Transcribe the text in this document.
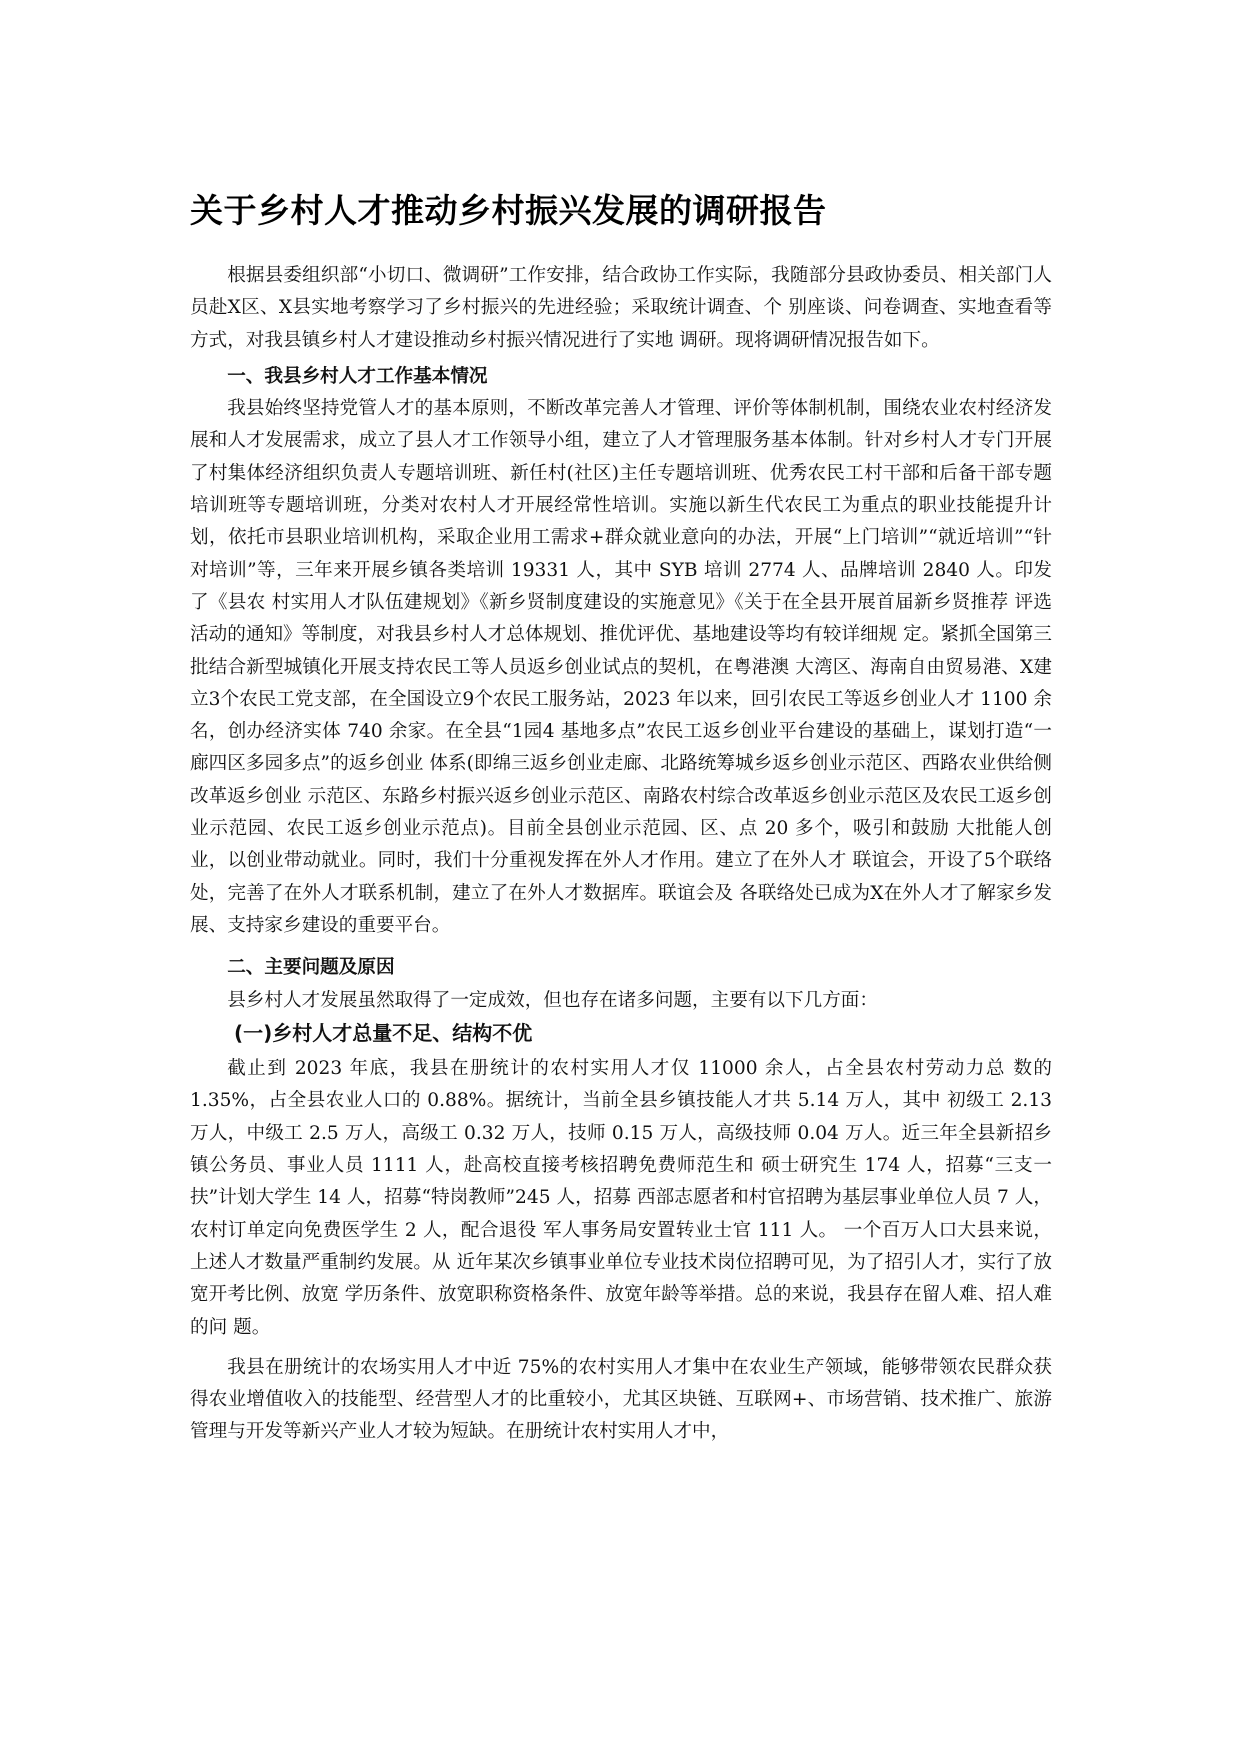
关于乡村人才推动乡村振兴发展的调研报告

根据县委组织部“小切口、微调研”工作安排，结合政协工作实际，我随部分县政协委员、相关部门人员赴X区、X县实地考察学习了乡村振兴的先进经验；采取统计调查、个 别座谈、问卷调查、实地查看等方式，对我县镇乡村人才建设推动乡村振兴情况进行了实地 调研。现将调研情况报告如下。

一、我县乡村人才工作基本情况

我县始终坚持党管人才的基本原则，不断改革完善人才管理、评价等体制机制，围绕农业农村经济发展和人才发展需求，成立了县人才工作领导小组，建立了人才管理服务基本体制。针对乡村人才专门开展了村集体经济组织负责人专题培训班、新任村(社区)主任专题培训班、优秀农民工村干部和后备干部专题培训班等专题培训班，分类对农村人才开展经常性培训。实施以新生代农民工为重点的职业技能提升计划，依托市县职业培训机构，采取企业用工需求+群众就业意向的办法，开展“上门培训”“就近培训”“针对培训”等，三年来开展乡镇各类培训 19331 人，其中 SYB 培训 2774 人、品牌培训 2840 人。印发了《县农 村实用人才队伍建规划》《新乡贤制度建设的实施意见》《关于在全县开展首届新乡贤推荐 评选活动的通知》等制度，对我县乡村人才总体规划、推优评优、基地建设等均有较详细规 定。紧抓全国第三批结合新型城镇化开展支持农民工等人员返乡创业试点的契机，在粤港澳 大湾区、海南自由贸易港、X建立3个农民工党支部，在全国设立9个农民工服务站，2023 年以来，回引农民工等返乡创业人才 1100 余名，创办经济实体 740 余家。在全县“1园4 基地多点”农民工返乡创业平台建设的基础上，谋划打造“一廊四区多园多点”的返乡创业 体系(即绵三返乡创业走廊、北路统筹城乡返乡创业示范区、西路农业供给侧改革返乡创业 示范区、东路乡村振兴返乡创业示范区、南路农村综合改革返乡创业示范区及农民工返乡创 业示范园、农民工返乡创业示范点)。目前全县创业示范园、区、点 20 多个，吸引和鼓励 大批能人创业，以创业带动就业。同时，我们十分重视发挥在外人才作用。建立了在外人才 联谊会，开设了5个联络处，完善了在外人才联系机制，建立了在外人才数据库。联谊会及 各联络处已成为X在外人才了解家乡发展、支持家乡建设的重要平台。

二、主要问题及原因

县乡村人才发展虽然取得了一定成效，但也存在诸多问题，主要有以下几方面：

(一)乡村人才总量不足、结构不优

截止到 2023 年底，我县在册统计的农村实用人才仅 11000 余人，占全县农村劳动力总 数的 1.35%，占全县农业人口的 0.88%。据统计，当前全县乡镇技能人才共 5.14 万人，其中 初级工 2.13 万人，中级工 2.5 万人，高级工 0.32 万人，技师 0.15 万人，高级技师 0.04 万人。近三年全县新招乡镇公务员、事业人员 1111 人，赴高校直接考核招聘免费师范生和 硕士研究生 174 人，招募“三支一扶”计划大学生 14 人，招募“特岗教师”245 人，招募 西部志愿者和村官招聘为基层事业单位人员 7 人，农村订单定向免费医学生 2 人，配合退役 军人事务局安置转业士官 111 人。 一个百万人口大县来说，上述人才数量严重制约发展。从 近年某次乡镇事业单位专业技术岗位招聘可见，为了招引人才，实行了放宽开考比例、放宽 学历条件、放宽职称资格条件、放宽年龄等举措。总的来说，我县存在留人难、招人难的问 题。

我县在册统计的农场实用人才中近 75%的农村实用人才集中在农业生产领域，能够带领农民群众获得农业增值收入的技能型、经营型人才的比重较小，尤其区块链、互联网+、市场营销、技术推广、旅游管理与开发等新兴产业人才较为短缺。在册统计农村实用人才中，
